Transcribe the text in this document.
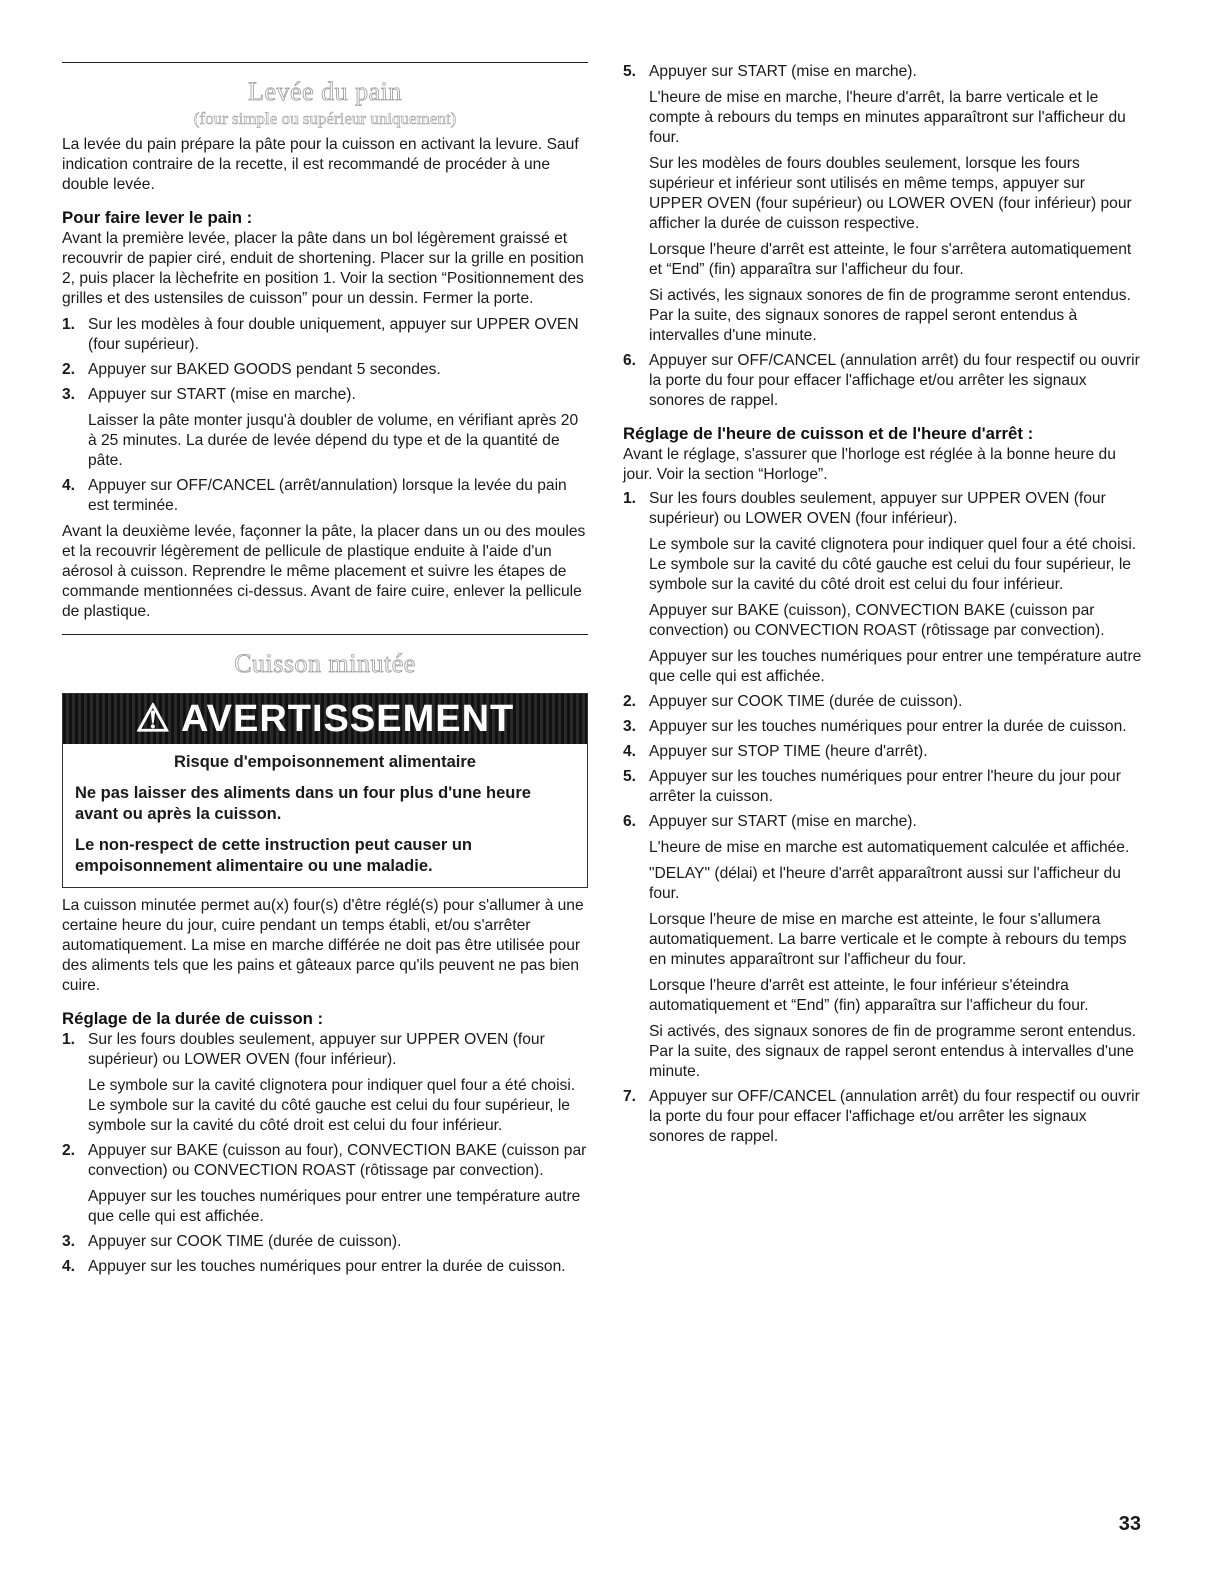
Levée du pain
(four simple ou supérieur uniquement)

La levée du pain prépare la pâte pour la cuisson en activant la levure. Sauf indication contraire de la recette, il est recommandé de procéder à une double levée.

Pour faire lever le pain :

Avant la première levée, placer la pâte dans un bol légèrement graissé et recouvrir de papier ciré, enduit de shortening. Placer sur la grille en position 2, puis placer la lèchefrite en position 1. Voir la section “Positionnement des grilles et des ustensiles de cuisson” pour un dessin. Fermer la porte.

1. Sur les modèles à four double uniquement, appuyer sur UPPER OVEN (four supérieur).
2. Appuyer sur BAKED GOODS pendant 5 secondes.
3. Appuyer sur START (mise en marche).
Laisser la pâte monter jusqu'à doubler de volume, en vérifiant après 20 à 25 minutes. La durée de levée dépend du type et de la quantité de pâte.
4. Appuyer sur OFF/CANCEL (arrêt/annulation) lorsque la levée du pain est terminée.

Avant la deuxième levée, façonner la pâte, la placer dans un ou des moules et la recouvrir légèrement de pellicule de plastique enduite à l'aide d'un aérosol à cuisson. Reprendre le même placement et suivre les étapes de commande mentionnées ci-dessus. Avant de faire cuire, enlever la pellicule de plastique.

Cuisson minutée
⚠ AVERTISSEMENT
Risque d'empoisonnement alimentaire
Ne pas laisser des aliments dans un four plus d'une heure avant ou après la cuisson.
Le non-respect de cette instruction peut causer un empoisonnement alimentaire ou une maladie.

La cuisson minutée permet au(x) four(s) d'être réglé(s) pour s'allumer à une certaine heure du jour, cuire pendant un temps établi, et/ou s'arrêter automatiquement. La mise en marche différée ne doit pas être utilisée pour des aliments tels que les pains et gâteaux parce qu'ils peuvent ne pas bien cuire.

Réglage de la durée de cuisson :
1. Sur les fours doubles seulement, appuyer sur UPPER OVEN (four supérieur) ou LOWER OVEN (four inférieur).
Le symbole sur la cavité clignotera pour indiquer quel four a été choisi. Le symbole sur la cavité du côté gauche est celui du four supérieur, le symbole sur la cavité du côté droit est celui du four inférieur.
2. Appuyer sur BAKE (cuisson au four), CONVECTION BAKE (cuisson par convection) ou CONVECTION ROAST (rôtissage par convection).
Appuyer sur les touches numériques pour entrer une température autre que celle qui est affichée.
3. Appuyer sur COOK TIME (durée de cuisson).
4. Appuyer sur les touches numériques pour entrer la durée de cuisson.
5. Appuyer sur START (mise en marche).
L'heure de mise en marche, l'heure d'arrêt, la barre verticale et le compte à rebours du temps en minutes apparaîtront sur l'afficheur du four.
Sur les modèles de fours doubles seulement, lorsque les fours supérieur et inférieur sont utilisés en même temps, appuyer sur UPPER OVEN (four supérieur) ou LOWER OVEN (four inférieur) pour afficher la durée de cuisson respective.
Lorsque l'heure d'arrêt est atteinte, le four s'arrêtera automatiquement et “End” (fin) apparaîtra sur l'afficheur du four.
Si activés, les signaux sonores de fin de programme seront entendus. Par la suite, des signaux sonores de rappel seront entendus à intervalles d'une minute.
6. Appuyer sur OFF/CANCEL (annulation arrêt) du four respectif ou ouvrir la porte du four pour effacer l'affichage et/ou arrêter les signaux sonores de rappel.
Réglage de l'heure de cuisson et de l'heure d'arrêt :

Avant le réglage, s'assurer que l'horloge est réglée à la bonne heure du jour. Voir la section “Horloge”.

1. Sur les fours doubles seulement, appuyer sur UPPER OVEN (four supérieur) ou LOWER OVEN (four inférieur).
Le symbole sur la cavité clignotera pour indiquer quel four a été choisi. Le symbole sur la cavité du côté gauche est celui du four supérieur, le symbole sur la cavité du côté droit est celui du four inférieur.
Appuyer sur BAKE (cuisson), CONVECTION BAKE (cuisson par convection) ou CONVECTION ROAST (rôtissage par convection).
Appuyer sur les touches numériques pour entrer une température autre que celle qui est affichée.
2. Appuyer sur COOK TIME (durée de cuisson).
3. Appuyer sur les touches numériques pour entrer la durée de cuisson.
4. Appuyer sur STOP TIME (heure d'arrêt).
5. Appuyer sur les touches numériques pour entrer l'heure du jour pour arrêter la cuisson.
6. Appuyer sur START (mise en marche).
L'heure de mise en marche est automatiquement calculée et affichée.
"DELAY" (délai) et l'heure d'arrêt apparaîtront aussi sur l'afficheur du four.
Lorsque l'heure de mise en marche est atteinte, le four s'allumera automatiquement. La barre verticale et le compte à rebours du temps en minutes apparaîtront sur l'afficheur du four.
Lorsque l'heure d'arrêt est atteinte, le four inférieur s'éteindra automatiquement et “End” (fin) apparaîtra sur l'afficheur du four.
Si activés, des signaux sonores de fin de programme seront entendus. Par la suite, des signaux de rappel seront entendus à intervalles d'une minute.
7. Appuyer sur OFF/CANCEL (annulation arrêt) du four respectif ou ouvrir la porte du four pour effacer l'affichage et/ou arrêter les signaux sonores de rappel.
33
